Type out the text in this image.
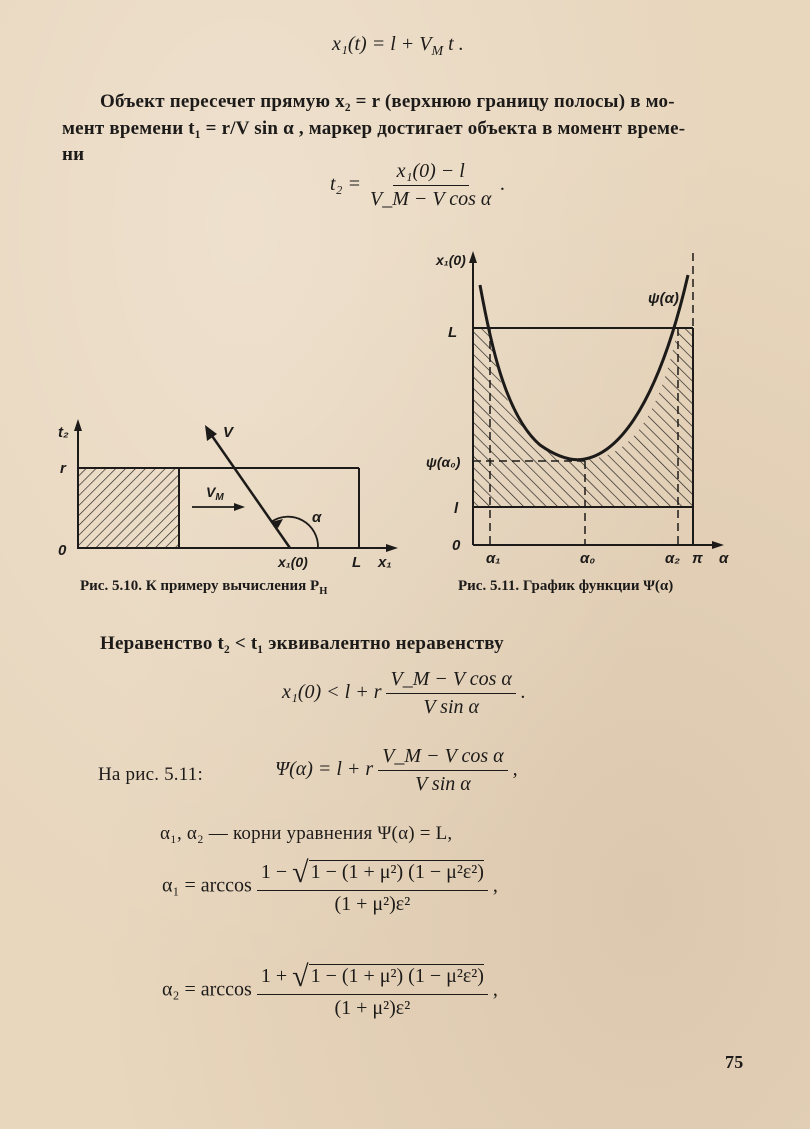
$x_1(t) = l + V_M$ t .
Объект пересечет прямую x₂ = r (верхнюю границу полосы) в мо-
мент времени t₁ = r/V sin α , маркер достигает объекта в момент време-
ни
$t_2 = \frac{\text{x₁(0) − l}}{\text{V\_M − V cos α}}$ .
t₂
r
0
V
$V_M$
α
x₁(0)	L x₁
Рис. 5.10. К примеру вычисления $P_H$
x₁(0)
ψ(α)
L
ψ(α₀)
l
0
α₁	α₀	α₂ π α
Рис. 5.11. График функции Ψ(α)
Неравенство t₂ < t₁ эквивалентно неравенству
x₁(0) < l + r $\frac{\text{V\_M − V cos α}}{\text{V sin α}}$ .
На рис. 5.11:	Ψ(α) = l + r $\frac{\text{V\_M − V cos α}}{\text{V sin α}}$ ,
α₁, α₂ — корни уравнения Ψ(α) = L,
$\alpha_1 = \arccos \frac{\text{1 − √ 1 − (1 + μ²) (1 − μ²ε²)}}{\text{(1 + μ²)ε²}}$ ,
$\alpha_2 = \arccos \frac{\text{1 + √ 1 − (1 + μ²) (1 − μ²ε²)}}{\text{(1 + μ²)ε²}}$ ,
75
